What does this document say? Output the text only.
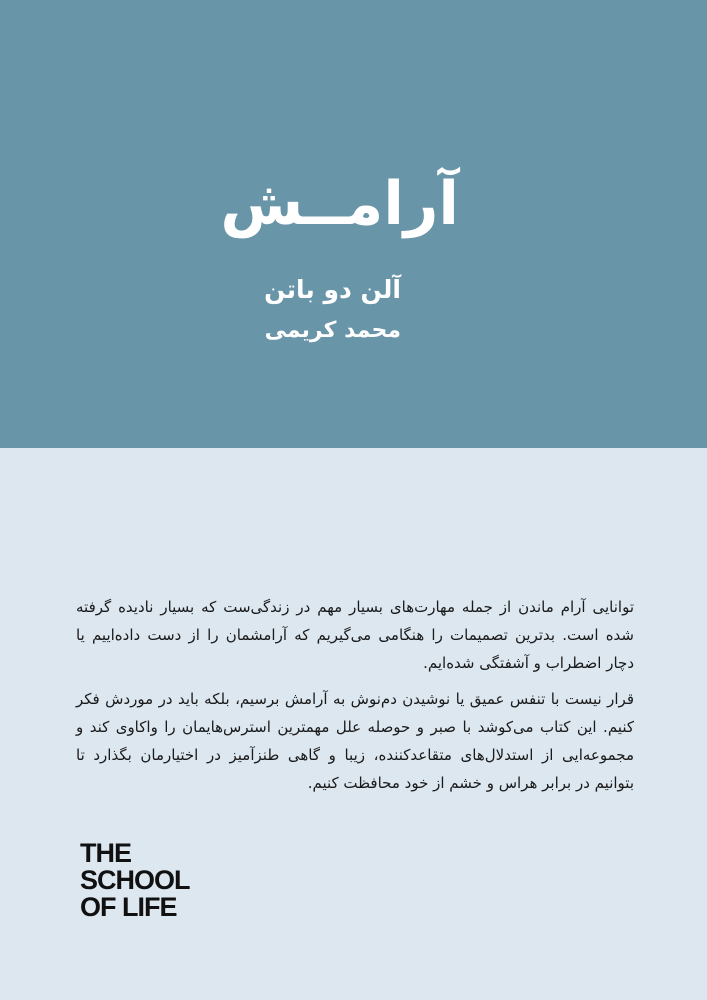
آرامــش
آلن دو باتن
محمد کریمی

توانایی آرام ماندن از جمله مهارت‌های بسیار مهم در زندگی‌ست که بسیار نادیده گرفته شده است. بدترین تصمیمات را هنگامی می‌گیریم که آرامشمان را از دست داده‌اییم یا دچار اضطراب و آشفتگی شده‌ایم.

قرار نیست با تنفس عمیق یا نوشیدن دم‌نوش به آرامش برسیم، بلکه باید در موردش فکر کنیم. این کتاب می‌کوشد با صبر و حوصله علل مهمترین استرس‌هایمان را واکاوی کند و مجموعه‌ایی از استدلال‌های متقاعدکننده، زیبا و گاهی طنزآمیز در اختیارمان بگذارد تا بتوانیم در برابر هراس و خشم از خود محافظت کنیم.

THE
SCHOOL
OF LIFE
